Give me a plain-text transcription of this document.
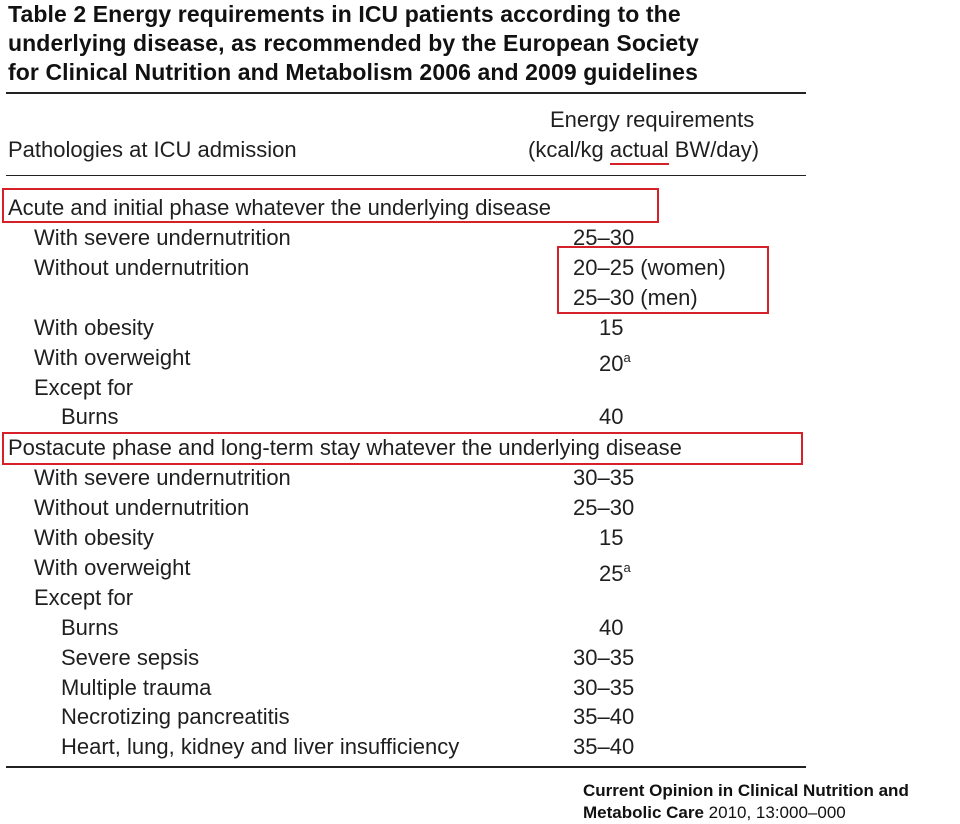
Table 2 Energy requirements in ICU patients according to the
underlying disease, as recommended by the European Society
for Clinical Nutrition and Metabolism 2006 and 2009 guidelines
Energy requirements
Pathologies at ICU admission	(kcal/kg actual BW/day)
Acute and initial phase whatever the underlying disease
With severe undernutrition	25–30
Without undernutrition	20–25 (women)
25–30 (men)
With obesity	15
With overweight	20$^a$
Except for
Burns	40
Postacute phase and long-term stay whatever the underlying disease
With severe undernutrition	30–35
Without undernutrition	25–30
With obesity	15
With overweight	25$^a$
Except for
Burns	40
Severe sepsis	30–35
Multiple trauma	30–35
Necrotizing pancreatitis	35–40
Heart, lung, kidney and liver insufficiency	35–40
Current Opinion in Clinical Nutrition and
Metabolic Care 2010, 13:000–000
